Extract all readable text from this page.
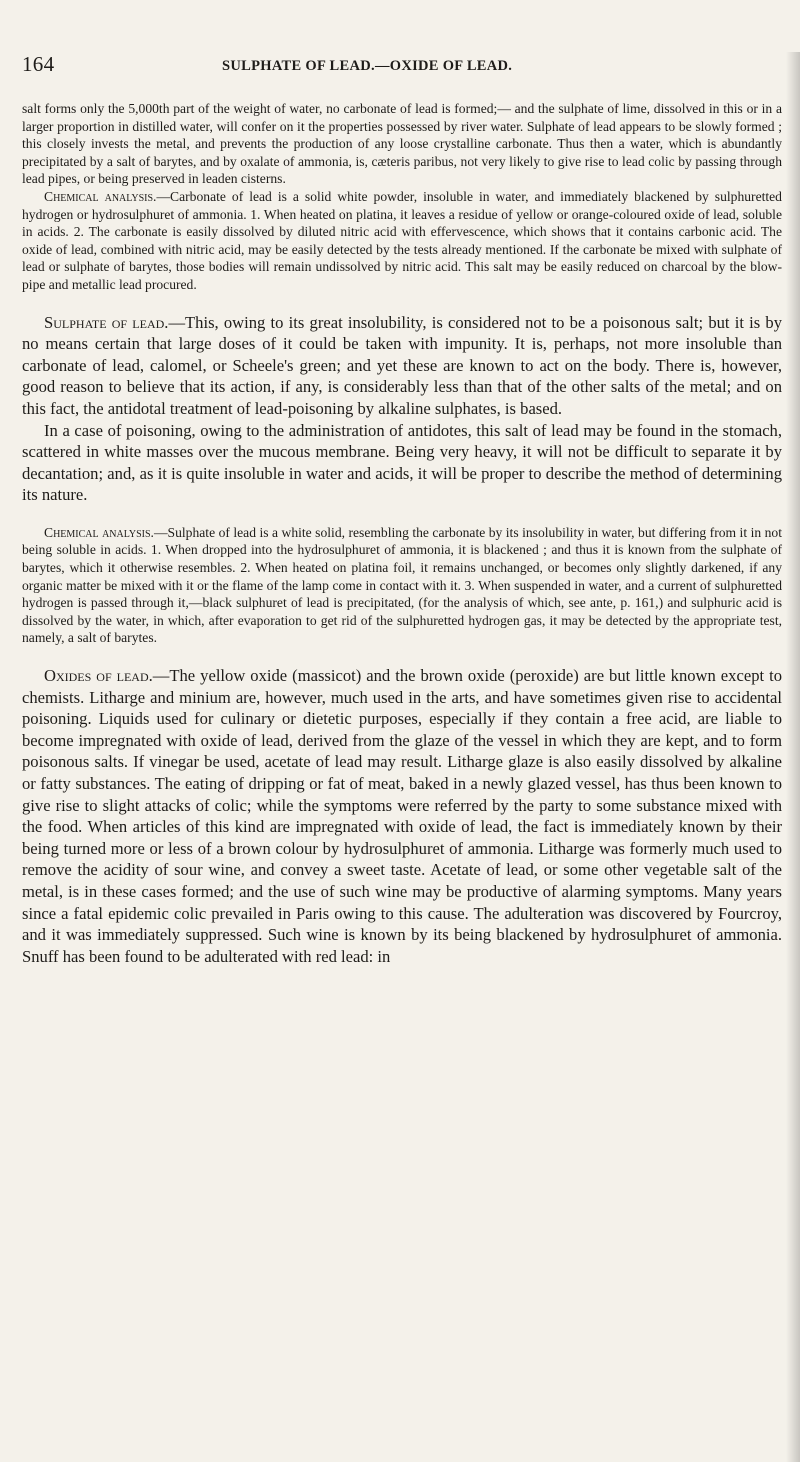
164	SULPHATE OF LEAD.—OXIDE OF LEAD.

salt forms only the 5,000th part of the weight of water, no carbonate of lead is formed;— and the sulphate of lime, dissolved in this or in a larger proportion in distilled water, will confer on it the properties possessed by river water. Sulphate of lead appears to be slowly formed ; this closely invests the metal, and prevents the production of any loose crystalline carbonate. Thus then a water, which is abundantly precipitated by a salt of barytes, and by oxalate of ammonia, is, cæteris paribus, not very likely to give rise to lead colic by passing through lead pipes, or being preserved in leaden cisterns.

Chemical analysis.—Carbonate of lead is a solid white powder, insoluble in water, and immediately blackened by sulphuretted hydrogen or hydrosulphuret of ammonia. 1. When heated on platina, it leaves a residue of yellow or orange-coloured oxide of lead, soluble in acids. 2. The carbonate is easily dissolved by diluted nitric acid with effervescence, which shows that it contains carbonic acid. The oxide of lead, combined with nitric acid, may be easily detected by the tests already mentioned. If the carbonate be mixed with sulphate of lead or sulphate of barytes, those bodies will remain undissolved by nitric acid. This salt may be easily reduced on charcoal by the blow-pipe and metallic lead procured.

Sulphate of lead.—This, owing to its great insolubility, is considered not to be a poisonous salt; but it is by no means certain that large doses of it could be taken with impunity. It is, perhaps, not more insoluble than carbonate of lead, calomel, or Scheele's green; and yet these are known to act on the body. There is, however, good reason to believe that its action, if any, is considerably less than that of the other salts of the metal; and on this fact, the antidotal treatment of lead-poisoning by alkaline sulphates, is based.

In a case of poisoning, owing to the administration of antidotes, this salt of lead may be found in the stomach, scattered in white masses over the mucous membrane. Being very heavy, it will not be difficult to separate it by decantation; and, as it is quite insoluble in water and acids, it will be proper to describe the method of determining its nature.

Chemical analysis.—Sulphate of lead is a white solid, resembling the carbonate by its insolubility in water, but differing from it in not being soluble in acids. 1. When dropped into the hydrosulphuret of ammonia, it is blackened ; and thus it is known from the sulphate of barytes, which it otherwise resembles. 2. When heated on platina foil, it remains unchanged, or becomes only slightly darkened, if any organic matter be mixed with it or the flame of the lamp come in contact with it. 3. When suspended in water, and a current of sulphuretted hydrogen is passed through it,—black sulphuret of lead is precipitated, (for the analysis of which, see ante, p. 161,) and sulphuric acid is dissolved by the water, in which, after evaporation to get rid of the sulphuretted hydrogen gas, it may be detected by the appropriate test, namely, a salt of barytes.

Oxides of lead.—The yellow oxide (massicot) and the brown oxide (peroxide) are but little known except to chemists. Litharge and minium are, however, much used in the arts, and have sometimes given rise to accidental poisoning. Liquids used for culinary or dietetic purposes, especially if they contain a free acid, are liable to become impregnated with oxide of lead, derived from the glaze of the vessel in which they are kept, and to form poisonous salts. If vinegar be used, acetate of lead may result. Litharge glaze is also easily dissolved by alkaline or fatty substances. The eating of dripping or fat of meat, baked in a newly glazed vessel, has thus been known to give rise to slight attacks of colic; while the symptoms were referred by the party to some substance mixed with the food. When articles of this kind are impregnated with oxide of lead, the fact is immediately known by their being turned more or less of a brown colour by hydrosulphuret of ammonia. Litharge was formerly much used to remove the acidity of sour wine, and convey a sweet taste. Acetate of lead, or some other vegetable salt of the metal, is in these cases formed; and the use of such wine may be productive of alarming symptoms. Many years since a fatal epidemic colic prevailed in Paris owing to this cause. The adulteration was discovered by Fourcroy, and it was immediately suppressed. Such wine is known by its being blackened by hydrosulphuret of ammonia. Snuff has been found to be adulterated with red lead: in
